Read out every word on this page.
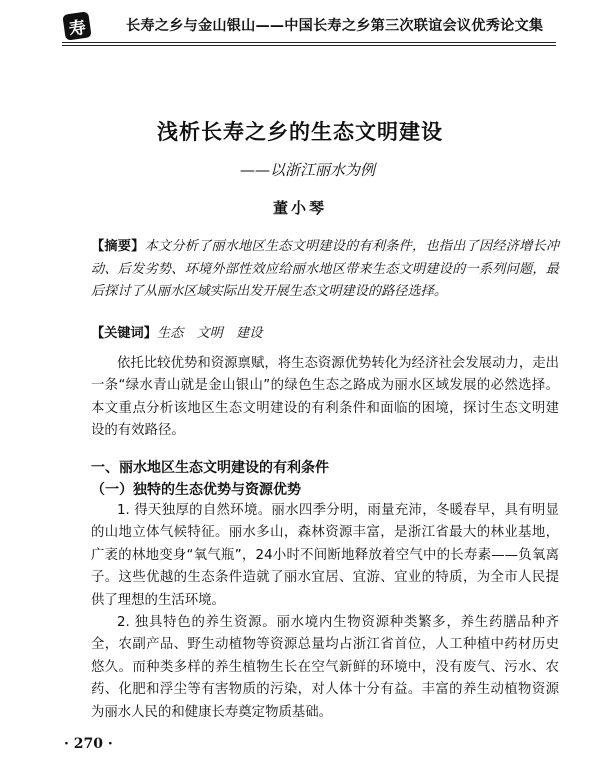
寿	长寿之乡与金山银山——中国长寿之乡第三次联谊会议优秀论文集
浅析长寿之乡的生态文明建设
——以浙江丽水为例
董小琴
【摘要】本文分析了丽水地区生态文明建设的有利条件，也指出了因经济增长冲动、后发劣势、环境外部性效应给丽水地区带来生态文明建设的一系列问题，最后探讨了从丽水区域实际出发开展生态文明建设的路径选择。
【关键词】生态　文明　建设
依托比较优势和资源禀赋，将生态资源优势转化为经济社会发展动力，走出一条“绿水青山就是金山银山”的绿色生态之路成为丽水区域发展的必然选择。本文重点分析该地区生态文明建设的有利条件和面临的困境，探讨生态文明建设的有效路径。
一、丽水地区生态文明建设的有利条件
（一）独特的生态优势与资源优势
1. 得天独厚的自然环境。丽水四季分明，雨量充沛，冬暖春早，具有明显的山地立体气候特征。丽水多山，森林资源丰富，是浙江省最大的林业基地，广袤的林地变身“氧气瓶”，24小时不间断地释放着空气中的长寿素——负氧离子。这些优越的生态条件造就了丽水宜居、宜游、宜业的特质，为全市人民提供了理想的生活环境。
2. 独具特色的养生资源。丽水境内生物资源种类繁多，养生药膳品种齐全，农副产品、野生动植物等资源总量均占浙江省首位，人工种植中药材历史悠久。而种类多样的养生植物生长在空气新鲜的环境中，没有废气、污水、农药、化肥和浮尘等有害物质的污染，对人体十分有益。丰富的养生动植物资源为丽水人民的和健康长寿奠定物质基础。
· 270 ·
